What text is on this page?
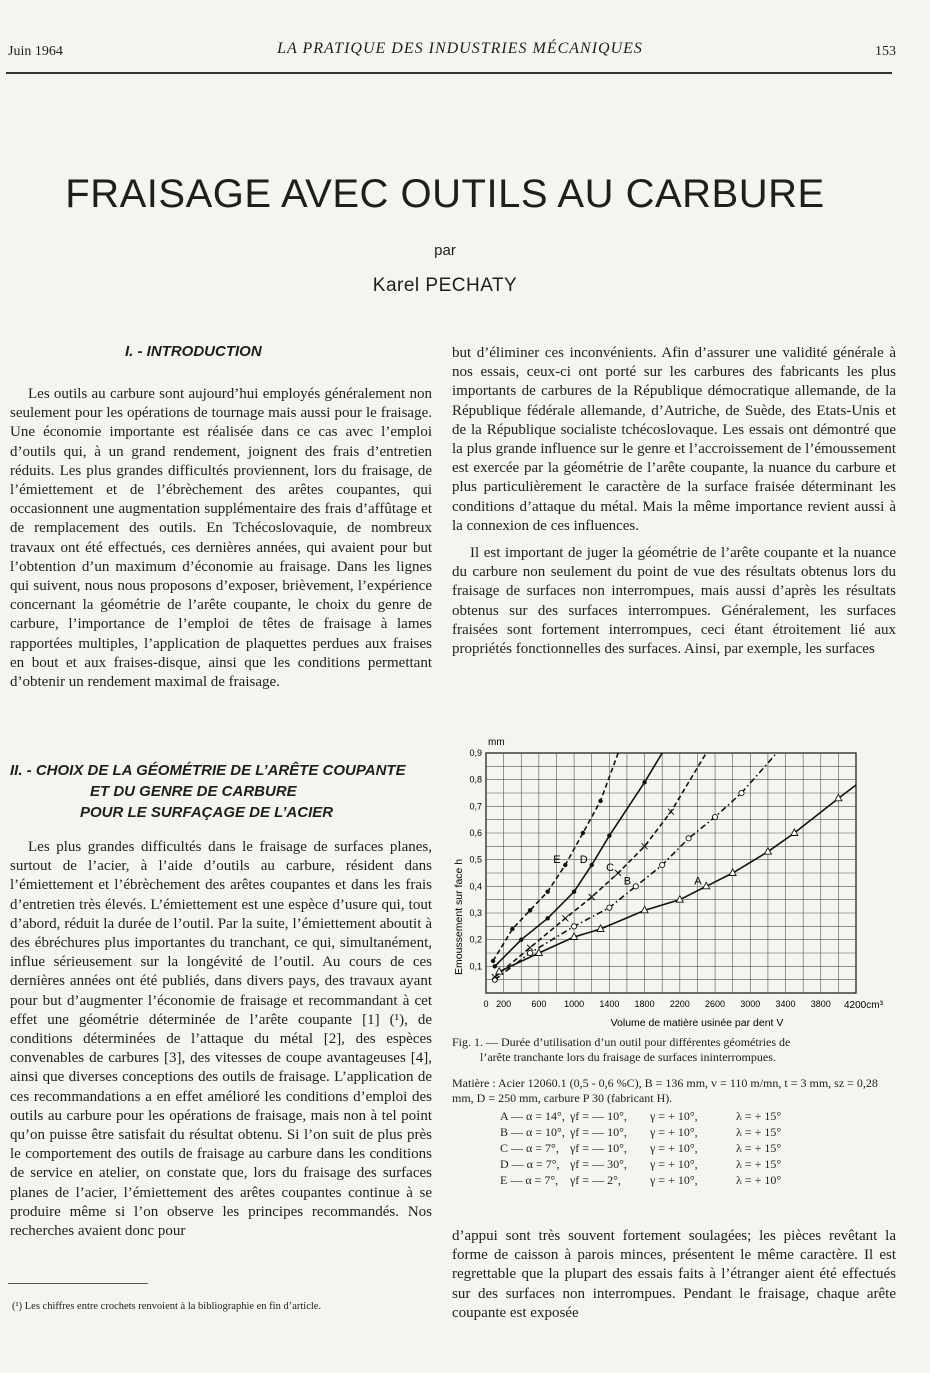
Juin 1964	LA PRATIQUE DES INDUSTRIES MÉCANIQUES	153
FRAISAGE AVEC OUTILS AU CARBURE
par
Karel PECHATY
I. - INTRODUCTION

Les outils au carbure sont aujourd’hui employés généralement non seulement pour les opérations de tournage mais aussi pour le fraisage. Une économie importante est réalisée dans ce cas avec l’emploi d’outils qui, à un grand rendement, joignent des frais d’entretien réduits. Les plus grandes difficultés proviennent, lors du fraisage, de l’émiettement et de l’ébrèchement des arêtes coupantes, qui occasionnent une augmentation supplémentaire des frais d’affûtage et de remplacement des outils. En Tchécoslovaquie, de nombreux travaux ont été effectués, ces dernières années, qui avaient pour but l’obtention d’un maximum d’économie au fraisage. Dans les lignes qui suivent, nous nous proposons d’exposer, brièvement, l’expérience concernant la géométrie de l’arête coupante, le choix du genre de carbure, l’importance de l’emploi de têtes de fraisage à lames rapportées multiples, l’application de plaquettes perdues aux fraises en bout et aux fraises-disque, ainsi que les conditions permettant d’obtenir un rendement maximal de fraisage.

II. - CHOIX DE LA GÉOMÉTRIE DE L’ARÊTE COUPANTE
ET DU GENRE DE CARBURE
POUR LE SURFAÇAGE DE L’ACIER

Les plus grandes difficultés dans le fraisage de surfaces planes, surtout de l’acier, à l’aide d’outils au carbure, résident dans l’émiettement et l’ébrèchement des arêtes coupantes et dans les frais d’entretien très élevés. L’émiettement est une espèce d’usure qui, tout d’abord, réduit la durée de l’outil. Par la suite, l’émiettement aboutit à des ébréchures plus importantes du tranchant, ce qui, simultanément, influe sérieusement sur la longévité de l’outil. Au cours de ces dernières années ont été publiés, dans divers pays, des travaux ayant pour but d’augmenter l’économie de fraisage et recommandant à cet effet une géométrie déterminée de l’arête coupante [1] (¹), de conditions déterminées de l’attaque du métal [2], des espèces convenables de carbures [3], des vitesses de coupe avantageuses [4], ainsi que diverses conceptions des outils de fraisage. L’application de ces recommandations a en effet amélioré les conditions d’emploi des outils au carbure pour les opérations de fraisage, mais non à tel point qu’on puisse être satisfait du résultat obtenu. Si l’on suit de plus près le comportement des outils de fraisage au carbure dans les conditions de service en atelier, on constate que, lors du fraisage des surfaces planes de l’acier, l’émiettement des arêtes coupantes continue à se produire même si l’on observe les principes recommandés. Nos recherches avaient donc pour

but d’éliminer ces inconvénients. Afin d’assurer une validité générale à nos essais, ceux-ci ont porté sur les carbures des fabricants les plus importants de carbures de la République démocratique allemande, de la République fédérale allemande, d’Autriche, de Suède, des Etats-Unis et de la République socialiste tchécoslovaque. Les essais ont démontré que la plus grande influence sur le genre et l’accroissement de l’émoussement est exercée par la géométrie de l’arête coupante, la nuance du carbure et plus particulièrement le caractère de la surface fraisée déterminant les conditions d’attaque du métal. Mais la même importance revient aussi à la connexion de ces influences.

Il est important de juger la géométrie de l’arête coupante et la nuance du carbure non seulement du point de vue des résultats obtenus lors du fraisage de surfaces non interrompues, mais aussi d’après les résultats obtenus sur des surfaces interrompues. Généralement, les surfaces fraisées sont fortement interrompues, ceci étant étroitement lié aux propriétés fonctionnelles des surfaces. Ainsi, par exemple, les surfaces

A
B
C
D
E
0 200 600 1000 1400 1800 2200 2600 3000 3400 3800
0,1
0,2
0,3
0,4
0,5
0,6
0,7
0,8
0,9
mm
Emoussement sur face h
4200cm³
Volume de matière usinée par dent V
Fig. 1. — Durée d’utilisation d’un outil pour différentes géométries de
l’arête tranchante lors du fraisage de surfaces ininterrompues.
Matière : Acier 12060.1 (0,5 - 0,6 %C), B = 136 mm, v = 110 m/mn, t = 3 mm, sz = 0,28 mm, D = 250 mm, carbure P 30 (fabricant H).
A — α = 14°, γf = — 10°, γ = + 10°,	λ = + 15°
B — α = 10°, γf = — 10°, γ = + 10°,	λ = + 15°
C — α = 7°, γf = — 10°, γ = + 10°,	λ = + 15°
D — α = 7°, γf = — 30°, γ = + 10°,	λ = + 15°
E — α = 7°, γf = — 2°, γ = + 10°,	λ = + 10°

d’appui sont très souvent fortement soulagées; les pièces revêtant la forme de caisson à parois minces, présentent le même caractère. Il est regrettable que la plupart des essais faits à l’étranger aient été effectués sur des surfaces non interrompues. Pendant le fraisage, chaque arête coupante est exposée

(¹) Les chiffres entre crochets renvoient à la bibliographie en fin d’article.
